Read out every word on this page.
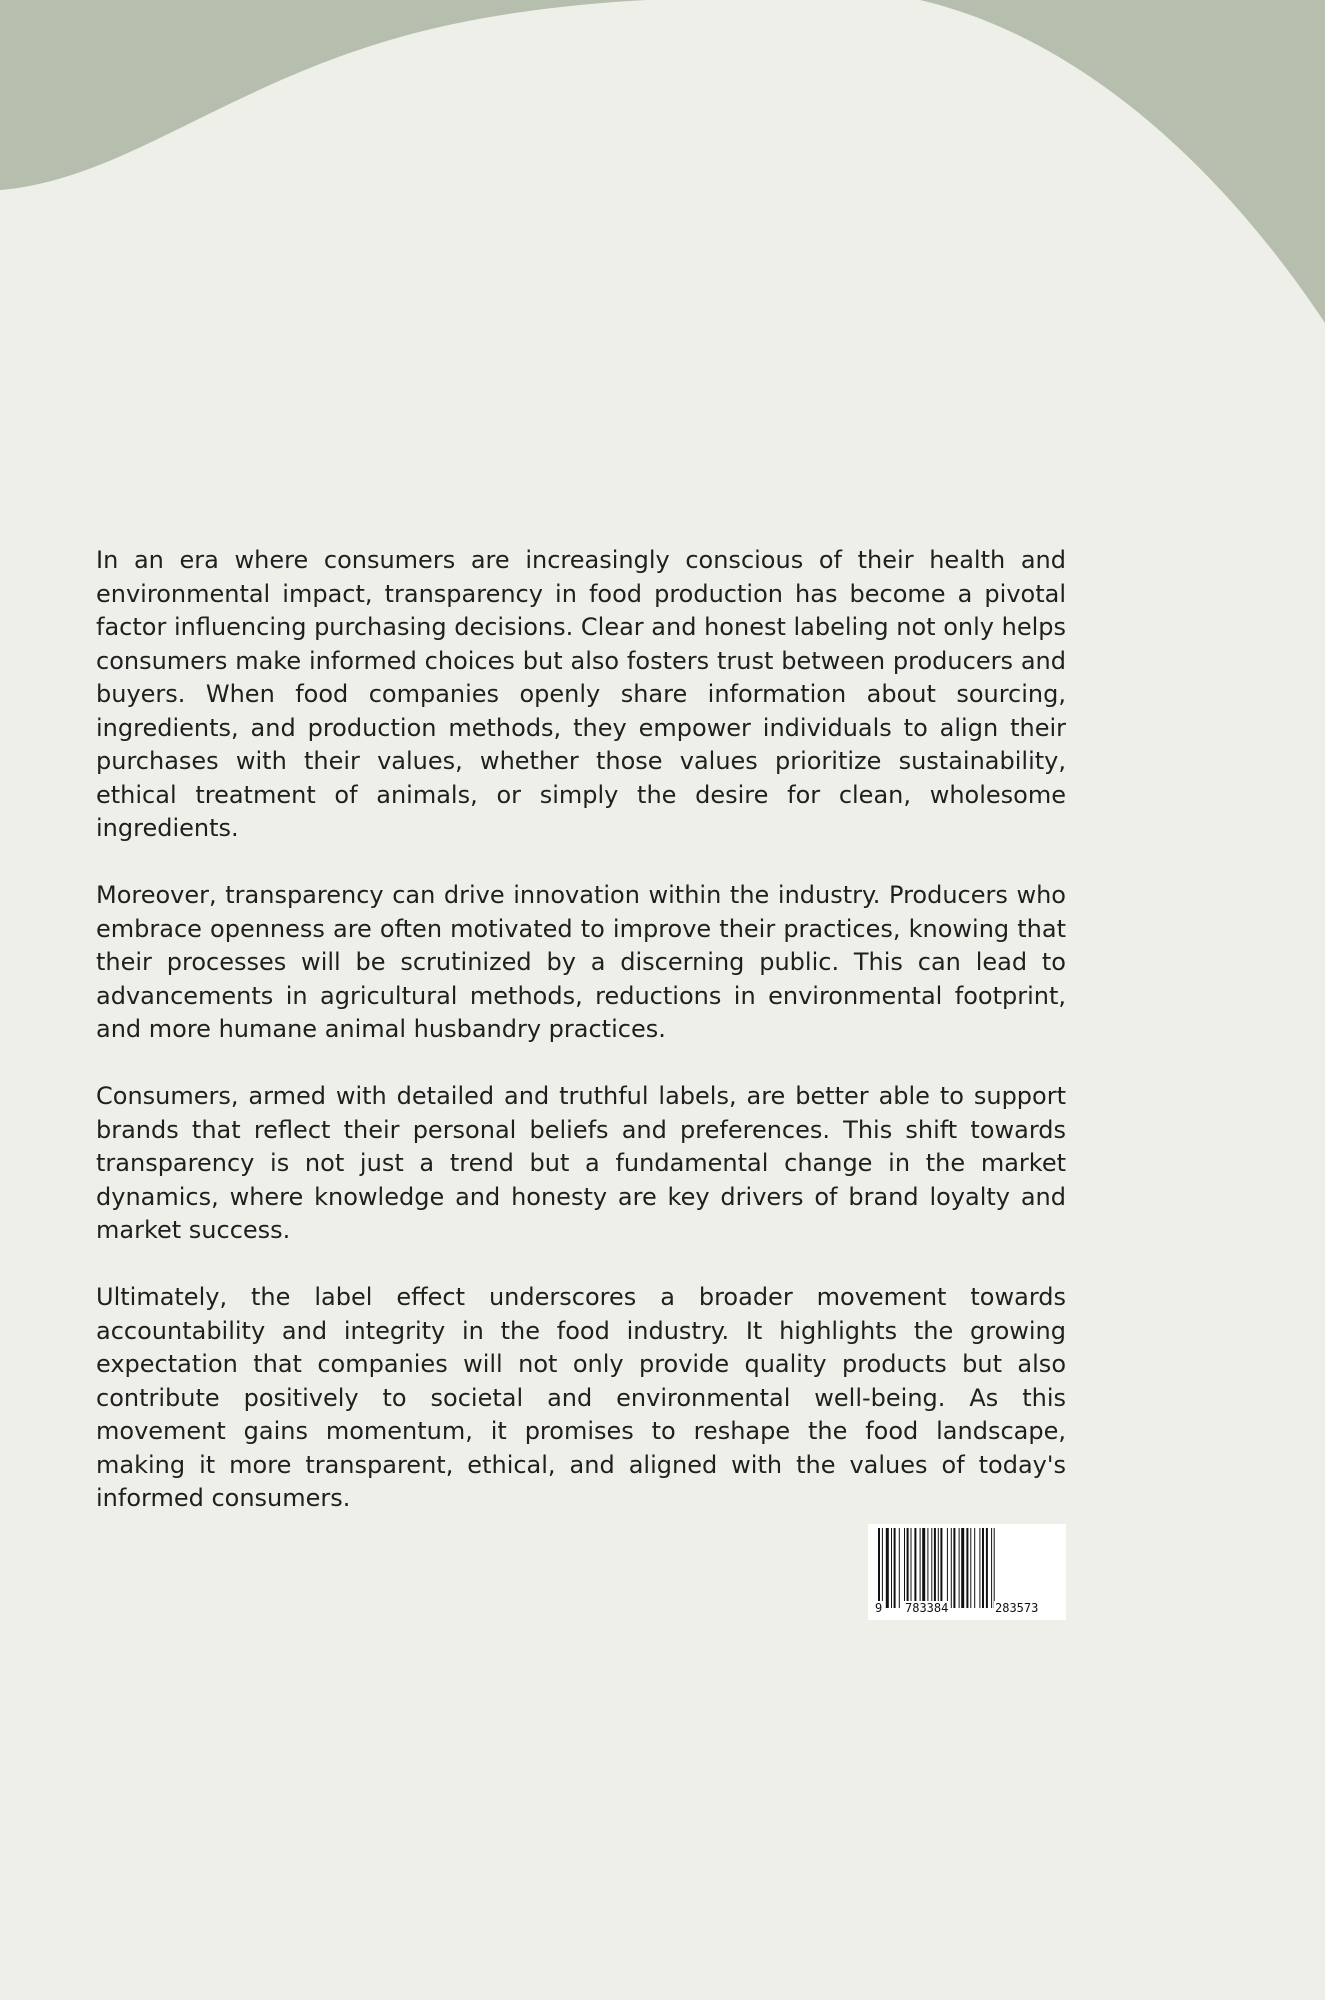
In an era where consumers are increasingly conscious of their health and environmental impact, transparency in food production has become a pivotal factor influencing purchasing decisions. Clear and honest labeling not only helps consumers make informed choices but also fosters trust between producers and buyers. When food companies openly share information about sourcing, ingredients, and production methods, they empower individuals to align their purchases with their values, whether those values prioritize sustainability, ethical treatment of animals, or simply the desire for clean, wholesome ingredients.

Moreover, transparency can drive innovation within the industry. Producers who embrace openness are often motivated to improve their practices, knowing that their processes will be scrutinized by a discerning public. This can lead to advancements in agricultural methods, reductions in environmental footprint, and more humane animal husbandry practices.

Consumers, armed with detailed and truthful labels, are better able to support brands that reflect their personal beliefs and preferences. This shift towards transparency is not just a trend but a fundamental change in the market dynamics, where knowledge and honesty are key drivers of brand loyalty and market success.

Ultimately, the label effect underscores a broader movement towards accountability and integrity in the food industry. It highlights the growing expectation that companies will not only provide quality products but also contribute positively to societal and environmental well-being. As this movement gains momentum, it promises to reshape the food landscape, making it more transparent, ethical, and aligned with the values of today's informed consumers.

9 783384	283573
